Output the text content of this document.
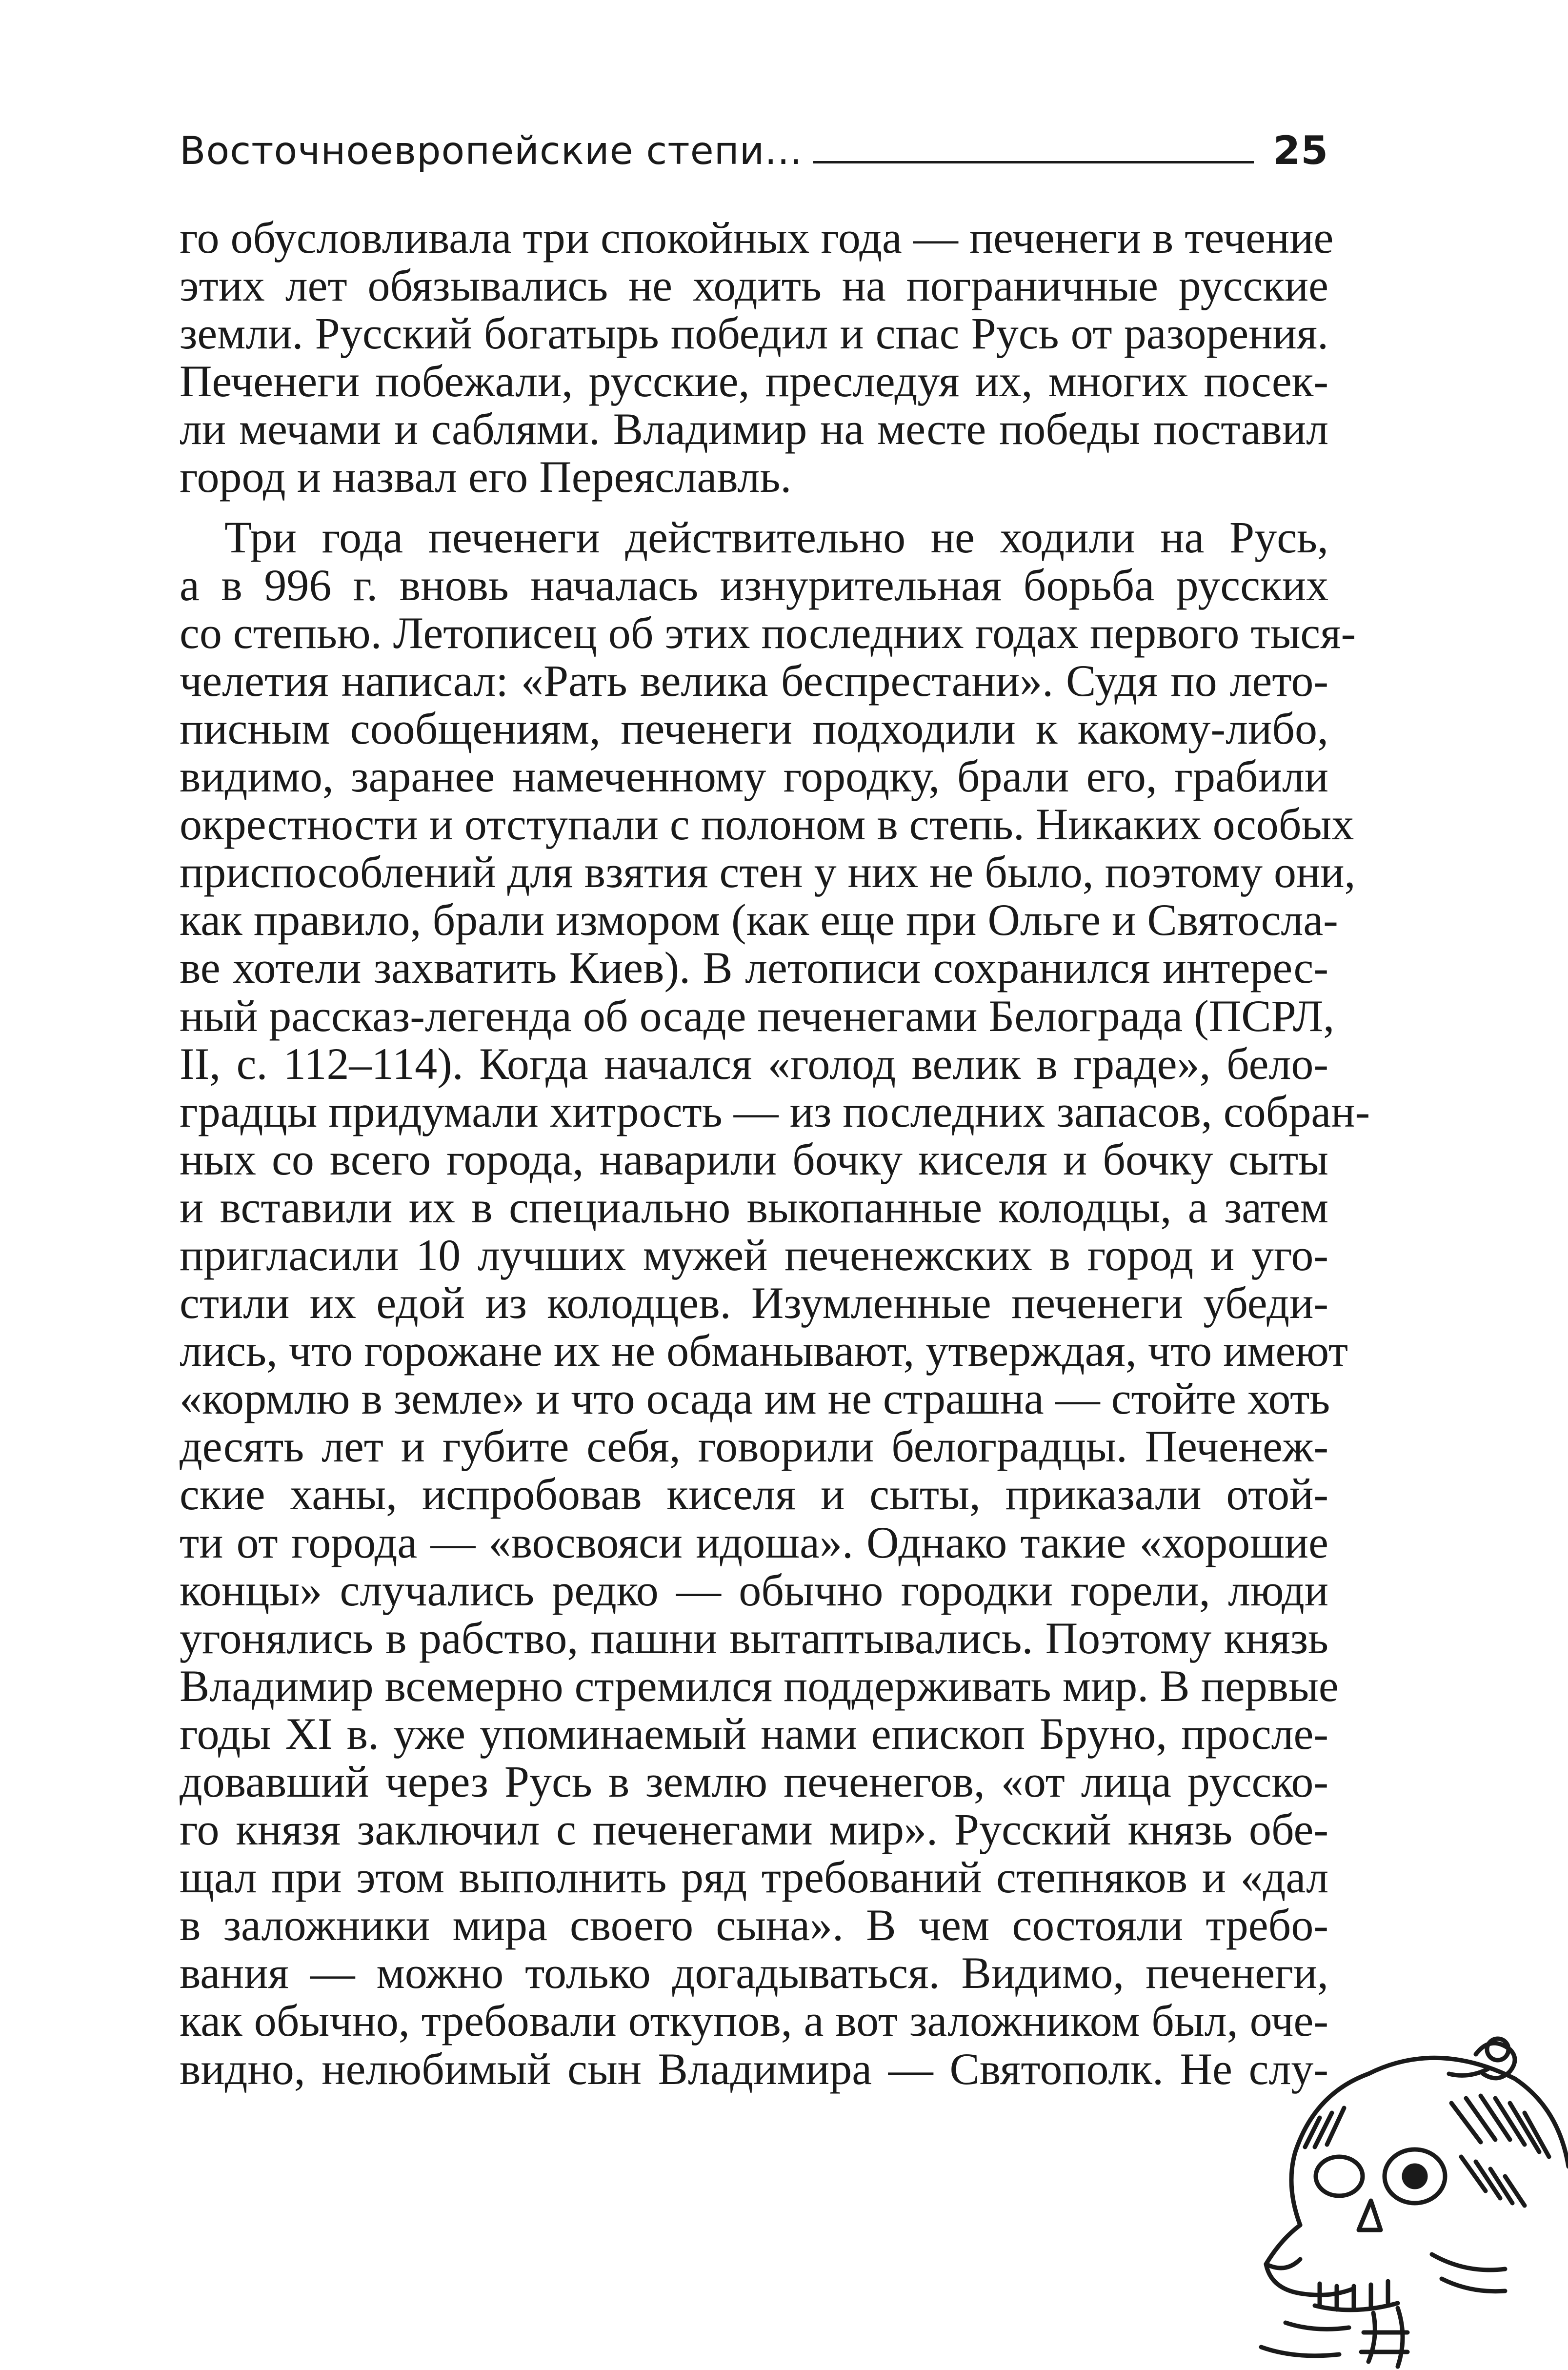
Восточноевропейские степи...	25
го обусловливала три спокойных года — печенеги в течение
этих лет обязывались не ходить на пограничные русские
земли. Русский богатырь победил и спас Русь от разорения.
Печенеги побежали, русские, преследуя их, многих посек-
ли мечами и саблями. Владимир на месте победы поставил
город и назвал его Переяславль.
Три года печенеги действительно не ходили на Русь,
а в 996 г. вновь началась изнурительная борьба русских
со степью. Летописец об этих последних годах первого тыся-
челетия написал: «Рать велика беспрестани». Судя по лето-
писным сообщениям, печенеги подходили к какому-либо,
видимо, заранее намеченному городку, брали его, грабили
окрестности и отступали с полоном в степь. Никаких особых
приспособлений для взятия стен у них не было, поэтому они,
как правило, брали измором (как еще при Ольге и Святосла-
ве хотели захватить Киев). В летописи сохранился интерес-
ный рассказ-легенда об осаде печенегами Белограда (ПСРЛ,
II, с. 112–114). Когда начался «голод велик в граде», бело-
градцы придумали хитрость — из последних запасов, собран-
ных со всего города, наварили бочку киселя и бочку сыты
и вставили их в специально выкопанные колодцы, а затем
пригласили 10 лучших мужей печенежских в город и уго-
стили их едой из колодцев. Изумленные печенеги убеди-
лись, что горожане их не обманывают, утверждая, что имеют
«кормлю в земле» и что осада им не страшна — стойте хоть
десять лет и губите себя, говорили белоградцы. Печенеж-
ские ханы, испробовав киселя и сыты, приказали отой-
ти от города — «восвояси идоша». Однако такие «хорошие
концы» случались редко — обычно городки горели, люди
угонялись в рабство, пашни вытаптывались. Поэтому князь
Владимир всемерно стремился поддерживать мир. В первые
годы XI в. уже упоминаемый нами епископ Бруно, просле-
довавший через Русь в землю печенегов, «от лица русско-
го князя заключил с печенегами мир». Русский князь обе-
щал при этом выполнить ряд требований степняков и «дал
в заложники мира своего сына». В чем состояли требо-
вания — можно только догадываться. Видимо, печенеги,
как обычно, требовали откупов, а вот заложником был, оче-
видно, нелюбимый сын Владимира — Святополк. Не слу-
